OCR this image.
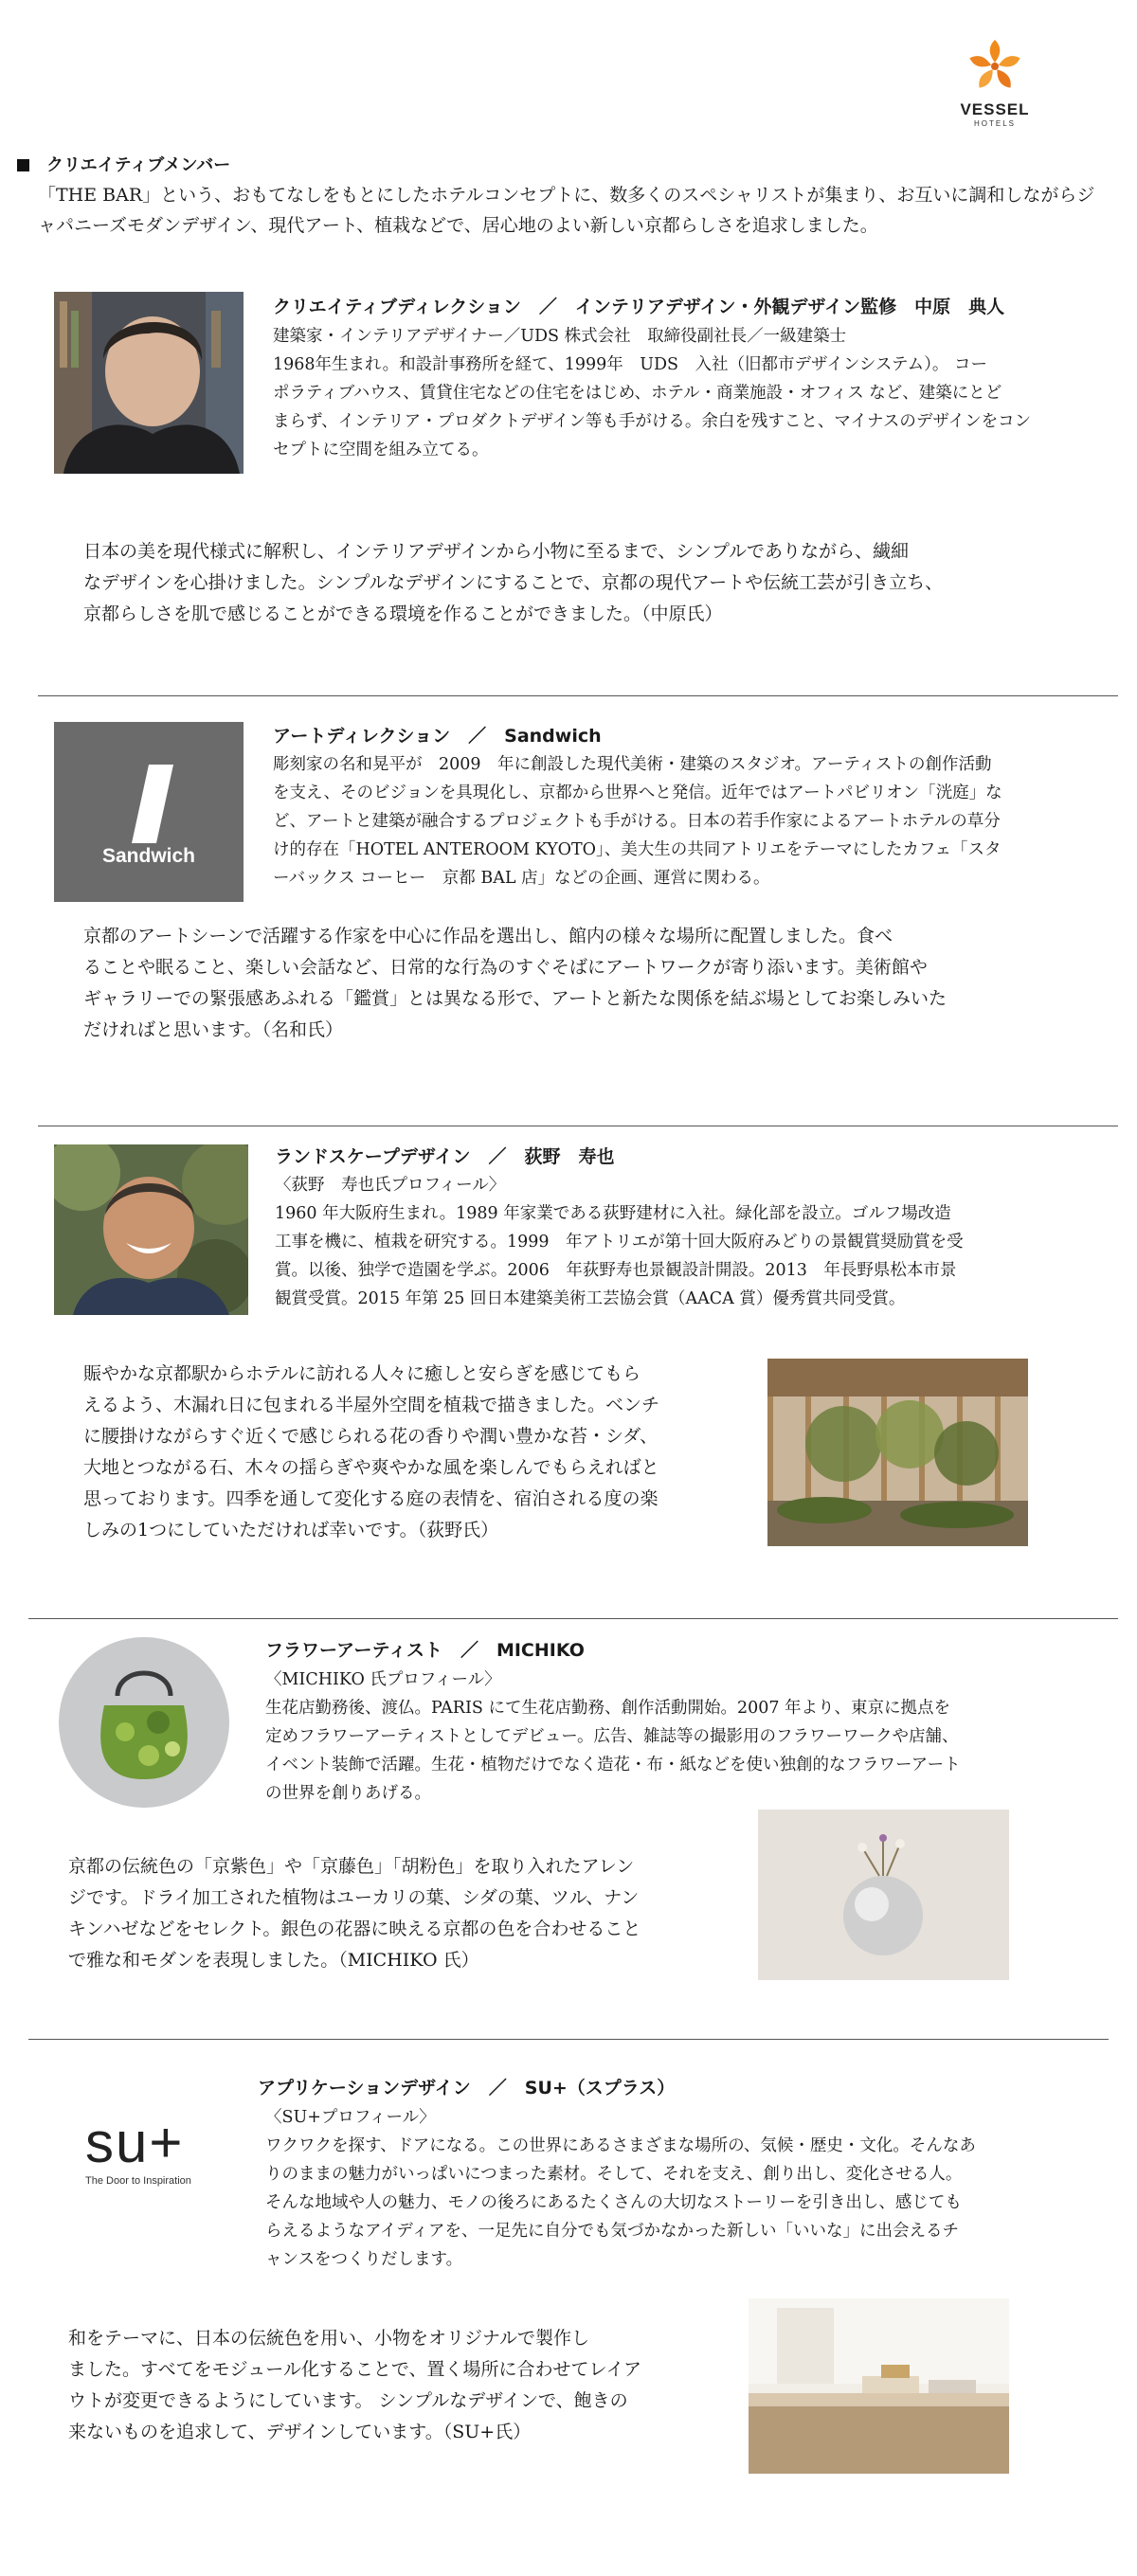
VESSEL
HOTELS
クリエイティブメンバー
「THE BAR」という、おもてなしをもとにしたホテルコンセプトに、数多くのスペシャリストが集まり、お互いに調和しながらジャパニーズモダンデザイン、現代アート、植栽などで、居心地のよい新しい京都らしさを追求しました。
クリエイティブディレクション　／　インテリアデザイン・外観デザイン監修　中原　典人
建築家・インテリアデザイナー／UDS 株式会社　取締役副社長／一級建築士
1968年生まれ。和設計事務所を経て、1999年　UDS　入社（旧都市デザインシステム）。 コー
ポラティブハウス、賃貸住宅などの住宅をはじめ、ホテル・商業施設・オフィス など、建築にとど
まらず、インテリア・プロダクトデザイン等も手がける。余白を残すこと、マイナスのデザインをコン
セプトに空間を組み立てる。
日本の美を現代様式に解釈し、インテリアデザインから小物に至るまで、シンプルでありながら、繊細
なデザインを心掛けました。シンプルなデザインにすることで、京都の現代アートや伝統工芸が引き立ち、
京都らしさを肌で感じることができる環境を作ることができました。（中原氏）
Sandwich
アートディレクション　／　Sandwich
彫刻家の名和晃平が　2009　年に創設した現代美術・建築のスタジオ。アーティストの創作活動
を支え、そのビジョンを具現化し、京都から世界へと発信。近年ではアートパビリオン「洸庭」な
ど、アートと建築が融合するプロジェクトも手がける。日本の若手作家によるアートホテルの草分
け的存在「HOTEL ANTEROOM KYOTO」、美大生の共同アトリエをテーマにしたカフェ「スタ
ーバックス コーヒー　京都 BAL 店」などの企画、運営に関わる。
京都のアートシーンで活躍する作家を中心に作品を選出し、館内の様々な場所に配置しました。食べ
ることや眠ること、楽しい会話など、日常的な行為のすぐそばにアートワークが寄り添います。美術館や
ギャラリーでの緊張感あふれる「鑑賞」とは異なる形で、アートと新たな関係を結ぶ場としてお楽しみいた
だければと思います。（名和氏）
ランドスケープデザイン　／　荻野　寿也
〈荻野　寿也氏プロフィール〉
1960 年大阪府生まれ。1989 年家業である荻野建材に入社。緑化部を設立。ゴルフ場改造
工事を機に、植栽を研究する。1999　年アトリエが第十回大阪府みどりの景観賞奨励賞を受
賞。以後、独学で造園を学ぶ。2006　年荻野寿也景観設計開設。2013　年長野県松本市景
観賞受賞。2015 年第 25 回日本建築美術工芸協会賞（AACA 賞）優秀賞共同受賞。
賑やかな京都駅からホテルに訪れる人々に癒しと安らぎを感じてもら
えるよう、木漏れ日に包まれる半屋外空間を植栽で描きました。ベンチ
に腰掛けながらすぐ近くで感じられる花の香りや潤い豊かな苔・シダ、
大地とつながる石、木々の揺らぎや爽やかな風を楽しんでもらえればと
思っております。四季を通して変化する庭の表情を、宿泊される度の楽
しみの1つにしていただければ幸いです。（荻野氏）
フラワーアーティスト　／　MICHIKO
〈MICHIKO 氏プロフィール〉
生花店勤務後、渡仏。PARIS にて生花店勤務、創作活動開始。2007 年より、東京に拠点を
定めフラワーアーティストとしてデビュー。広告、雑誌等の撮影用のフラワーワークや店舗、
イベント装飾で活躍。生花・植物だけでなく造花・布・紙などを使い独創的なフラワーアート
の世界を創りあげる。
京都の伝統色の「京紫色」や「京藤色」「胡粉色」を取り入れたアレン
ジです。ドライ加工された植物はユーカリの葉、シダの葉、ツル、ナン
キンハゼなどをセレクト。銀色の花器に映える京都の色を合わせること
で雅な和モダンを表現しました。（MICHIKO 氏）
su+
The Door to Inspiration
アプリケーションデザイン　／　SU+（スプラス）
〈SU+プロフィール〉
ワクワクを探す、ドアになる。この世界にあるさまざまな場所の、気候・歴史・文化。そんなあ
りのままの魅力がいっぱいにつまった素材。そして、それを支え、創り出し、変化させる人。
そんな地域や人の魅力、モノの後ろにあるたくさんの大切なストーリーを引き出し、感じても
らえるようなアイディアを、一足先に自分でも気づかなかった新しい「いいな」に出会えるチ
ャンスをつくりだします。
和をテーマに、日本の伝統色を用い、小物をオリジナルで製作し
ました。すべてをモジュール化することで、置く場所に合わせてレイア
ウトが変更できるようにしています。 シンプルなデザインで、飽きの
来ないものを追求して、デザインしています。（SU+氏）
